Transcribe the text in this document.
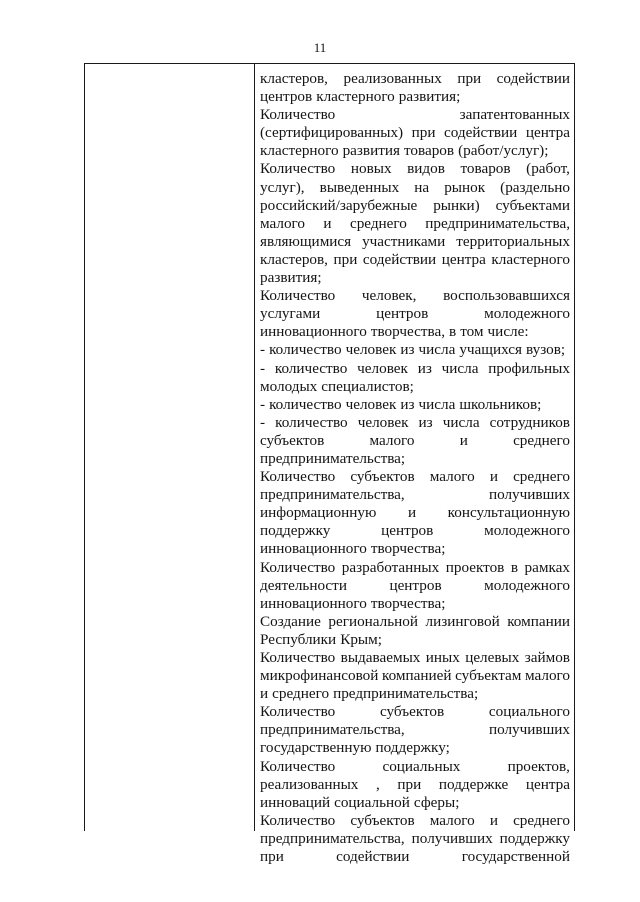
11
кластеров, реализованных при содействии
центров кластерного развития;
Количество	запатентованных
(сертифицированных) при содействии центра
кластерного развития товаров (работ/услуг);
Количество новых видов товаров (работ,
услуг), выведенных на рынок (раздельно
российский/зарубежные рынки) субъектами
малого и среднего предпринимательства,
являющимися участниками территориальных
кластеров, при содействии центра кластерного
развития;
Количество человек, воспользовавшихся
услугами	центров	молодежного
инновационного творчества, в том числе:
- количество человек из числа учащихся вузов;
- количество человек из числа профильных
молодых специалистов;
- количество человек из числа школьников;
- количество человек из числа сотрудников
субъектов	малого	и	среднего
предпринимательства;
Количество субъектов малого и среднего
предпринимательства,	получивших
информационную и консультационную
поддержку	центров	молодежного
инновационного творчества;
Количество разработанных проектов в рамках
деятельности	центров	молодежного
инновационного творчества;
Создание региональной лизинговой компании
Республики Крым;
Количество выдаваемых иных целевых займов
микрофинансовой компанией субъектам малого
и среднего предпринимательства;
Количество	субъектов	социального
предпринимательства,	получивших
государственную поддержку;
Количество	социальных	проектов,
реализованных , при поддержке центра
инноваций социальной сферы;
Количество субъектов малого и среднего
предпринимательства, получивших поддержку
при	содействии	государственной
